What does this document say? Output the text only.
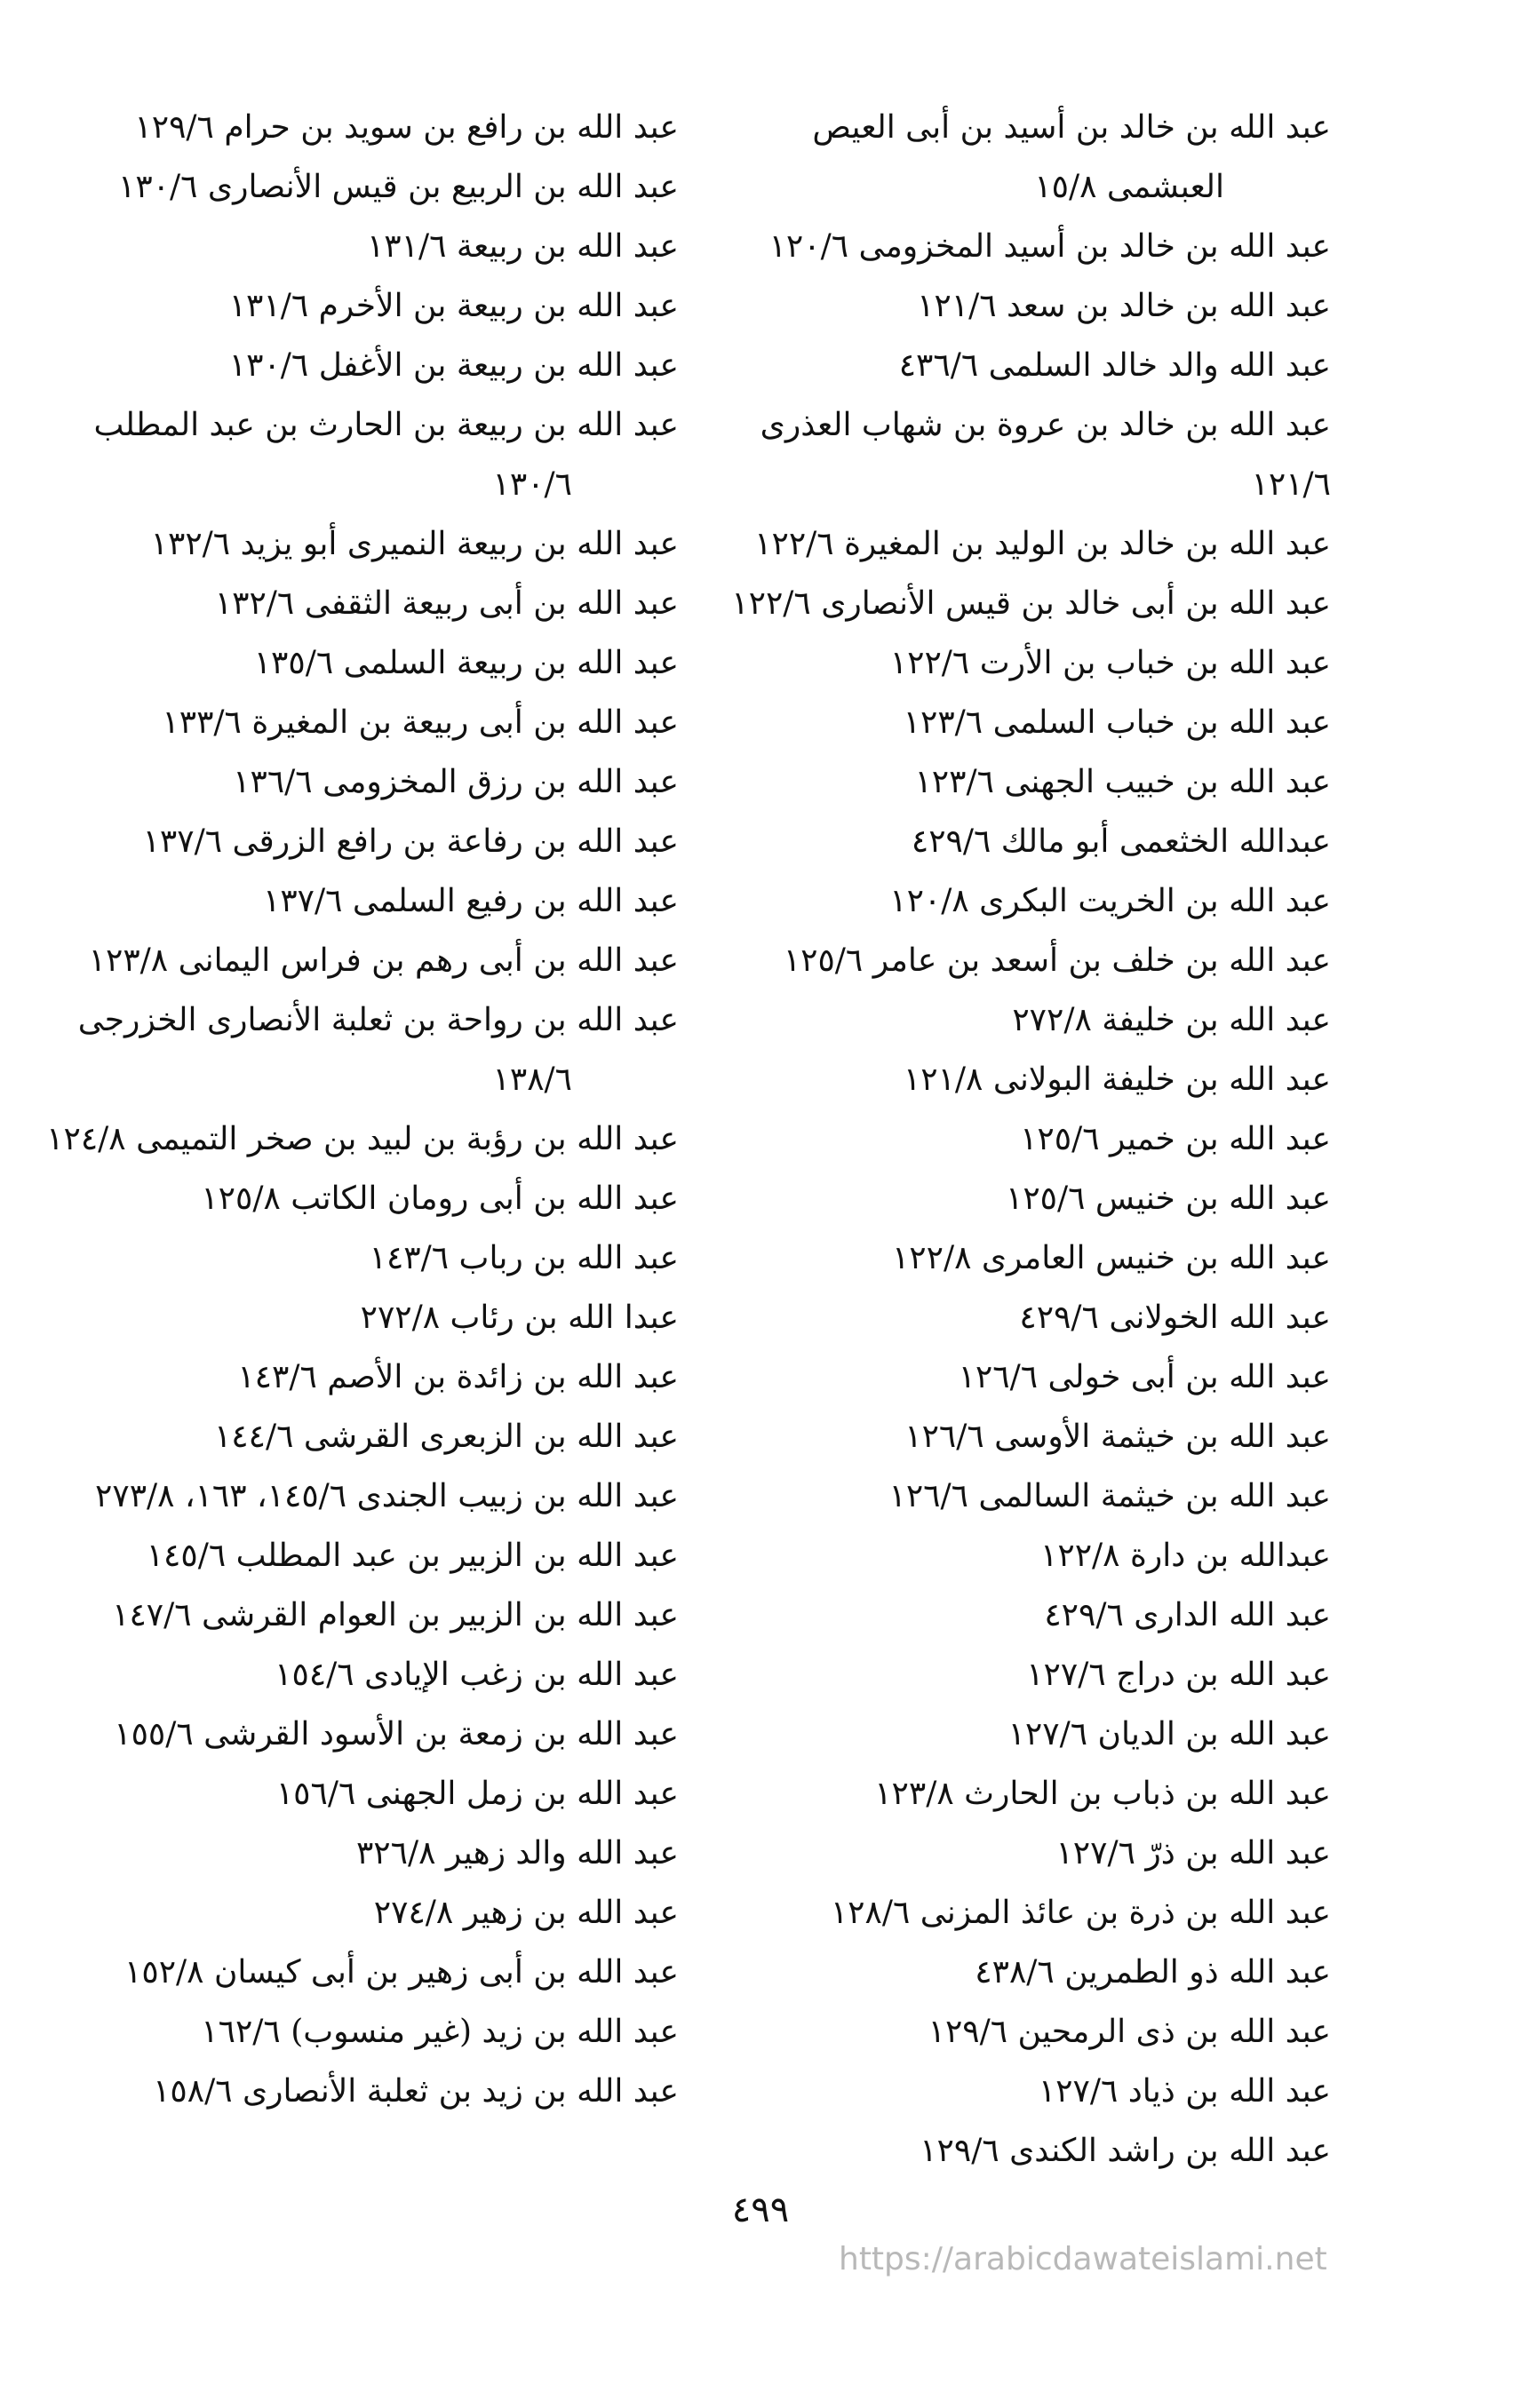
عبد الله بن خالد بن أسيد بن أبى العيص
العبشمى ١٥/٨
عبد الله بن خالد بن أسيد المخزومى ١٢٠/٦
عبد الله بن خالد بن سعد ١٢١/٦
عبد الله والد خالد السلمى ٤٣٦/٦
عبد الله بن خالد بن عروة بن شهاب العذرى ١٢١/٦
عبد الله بن خالد بن الوليد بن المغيرة ١٢٢/٦
عبد الله بن أبى خالد بن قيس الأنصارى ١٢٢/٦
عبد الله بن خباب بن الأرت ١٢٢/٦
عبد الله بن خباب السلمى ١٢٣/٦
عبد الله بن خبيب الجهنى ١٢٣/٦
عبدالله الخثعمى أبو مالك ٤٢٩/٦
عبد الله بن الخريت البكرى ١٢٠/٨
عبد الله بن خلف بن أسعد بن عامر ١٢٥/٦
عبد الله بن خليفة ٢٧٢/٨
عبد الله بن خليفة البولانى ١٢١/٨
عبد الله بن خمير ١٢٥/٦
عبد الله بن خنيس ١٢٥/٦
عبد الله بن خنيس العامرى ١٢٢/٨
عبد الله الخولانى ٤٢٩/٦
عبد الله بن أبى خولى ١٢٦/٦
عبد الله بن خيثمة الأوسى ١٢٦/٦
عبد الله بن خيثمة السالمى ١٢٦/٦
عبدالله بن دارة ١٢٢/٨
عبد الله الدارى ٤٢٩/٦
عبد الله بن دراج ١٢٧/٦
عبد الله بن الديان ١٢٧/٦
عبد الله بن ذباب بن الحارث ١٢٣/٨
عبد الله بن ذرّ ١٢٧/٦
عبد الله بن ذرة بن عائذ المزنى ١٢٨/٦
عبد الله ذو الطمرين ٤٣٨/٦
عبد الله بن ذى الرمحين ١٢٩/٦
عبد الله بن ذياد ١٢٧/٦
عبد الله بن راشد الكندى ١٢٩/٦
عبد الله بن رافع بن سويد بن حرام ١٢٩/٦
عبد الله بن الربيع بن قيس الأنصارى ١٣٠/٦
عبد الله بن ربيعة ١٣١/٦
عبد الله بن ربيعة بن الأخرم ١٣١/٦
عبد الله بن ربيعة بن الأغفل ١٣٠/٦
عبد الله بن ربيعة بن الحارث بن عبد المطلب
١٣٠/٦
عبد الله بن ربيعة النميرى أبو يزيد ١٣٢/٦
عبد الله بن أبى ربيعة الثقفى ١٣٢/٦
عبد الله بن ربيعة السلمى ١٣٥/٦
عبد الله بن أبى ربيعة بن المغيرة ١٣٣/٦
عبد الله بن رزق المخزومى ١٣٦/٦
عبد الله بن رفاعة بن رافع الزرقى ١٣٧/٦
عبد الله بن رفيع السلمى ١٣٧/٦
عبد الله بن أبى رهم بن فراس اليمانى ١٢٣/٨
عبد الله بن رواحة بن ثعلبة الأنصارى الخزرجى
١٣٨/٦
عبد الله بن رؤبة بن لبيد بن صخر التميمى ١٢٤/٨
عبد الله بن أبى رومان الكاتب ١٢٥/٨
عبد الله بن رباب ١٤٣/٦
عبدا الله بن رئاب ٢٧٢/٨
عبد الله بن زائدة بن الأصم ١٤٣/٦
عبد الله بن الزبعرى القرشى ١٤٤/٦
عبد الله بن زبيب الجندى ١٤٥/٦، ١٦٣، ٢٧٣/٨
عبد الله بن الزبير بن عبد المطلب ١٤٥/٦
عبد الله بن الزبير بن العوام القرشى ١٤٧/٦
عبد الله بن زغب الإيادى ١٥٤/٦
عبد الله بن زمعة بن الأسود القرشى ١٥٥/٦
عبد الله بن زمل الجهنى ١٥٦/٦
عبد الله والد زهير ٣٢٦/٨
عبد الله بن زهير ٢٧٤/٨
عبد الله بن أبى زهير بن أبى كيسان ١٥٢/٨
عبد الله بن زيد (غير منسوب) ١٦٢/٦
عبد الله بن زيد بن ثعلبة الأنصارى ١٥٨/٦
٤٩٩
https://arabicdawateislami.net
